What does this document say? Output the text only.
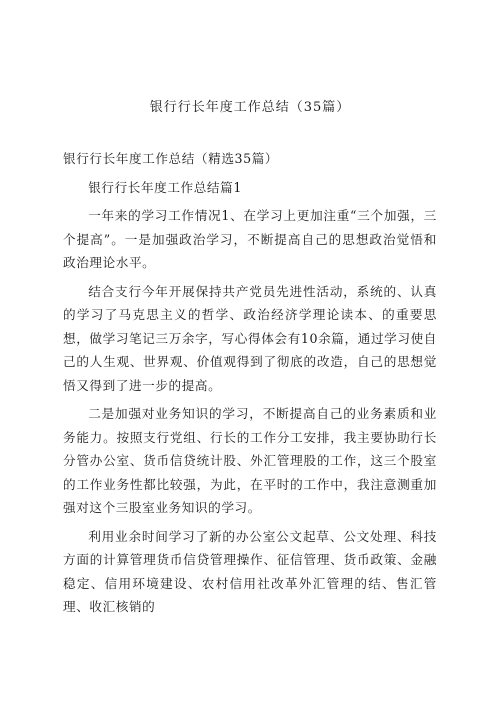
银行行长年度工作总结（35篇）

银行行长年度工作总结（精选35篇）

银行行长年度工作总结篇1

一年来的学习工作情况1、在学习上更加注重“三个加强，三个提高”。一是加强政治学习，不断提高自己的思想政治觉悟和政治理论水平。

结合支行今年开展保持共产党员先进性活动，系统的、认真的学习了马克思主义的哲学、政治经济学理论读本、的重要思想，做学习笔记三万余字，写心得体会有10余篇，通过学习使自己的人生观、世界观、价值观得到了彻底的改造，自己的思想觉悟又得到了进一步的提高。

二是加强对业务知识的学习，不断提高自己的业务素质和业务能力。按照支行党组、行长的工作分工安排，我主要协助行长分管办公室、货币信贷统计股、外汇管理股的工作，这三个股室的工作业务性都比较强，为此，在平时的工作中，我注意测重加强对这个三股室业务知识的学习。

利用业余时间学习了新的办公室公文起草、公文处理、科技方面的计算管理货币信贷管理操作、征信管理、货币政策、金融稳定、信用环境建设、农村信用社改革外汇管理的结、售汇管理、收汇核销的
